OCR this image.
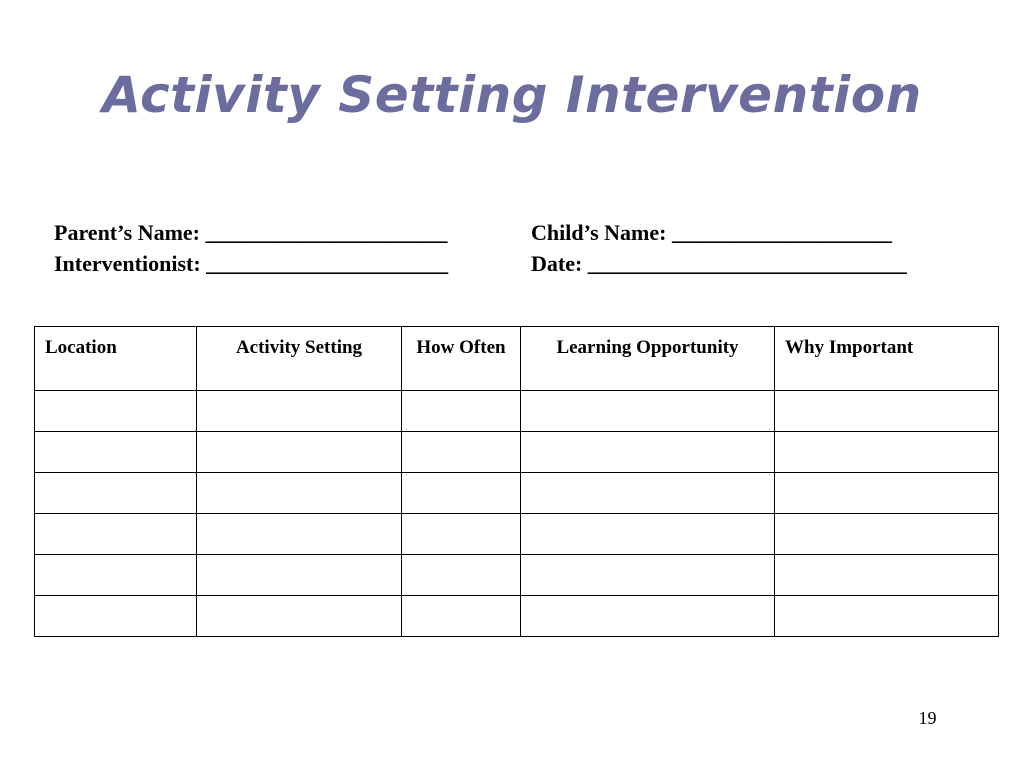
Activity Setting Intervention
Parent’s Name: ______________________	Child’s Name: ____________________
Interventionist: ______________________	Date: _____________________________
Location	Activity Setting	How Often	Learning Opportunity	Why Important

19
